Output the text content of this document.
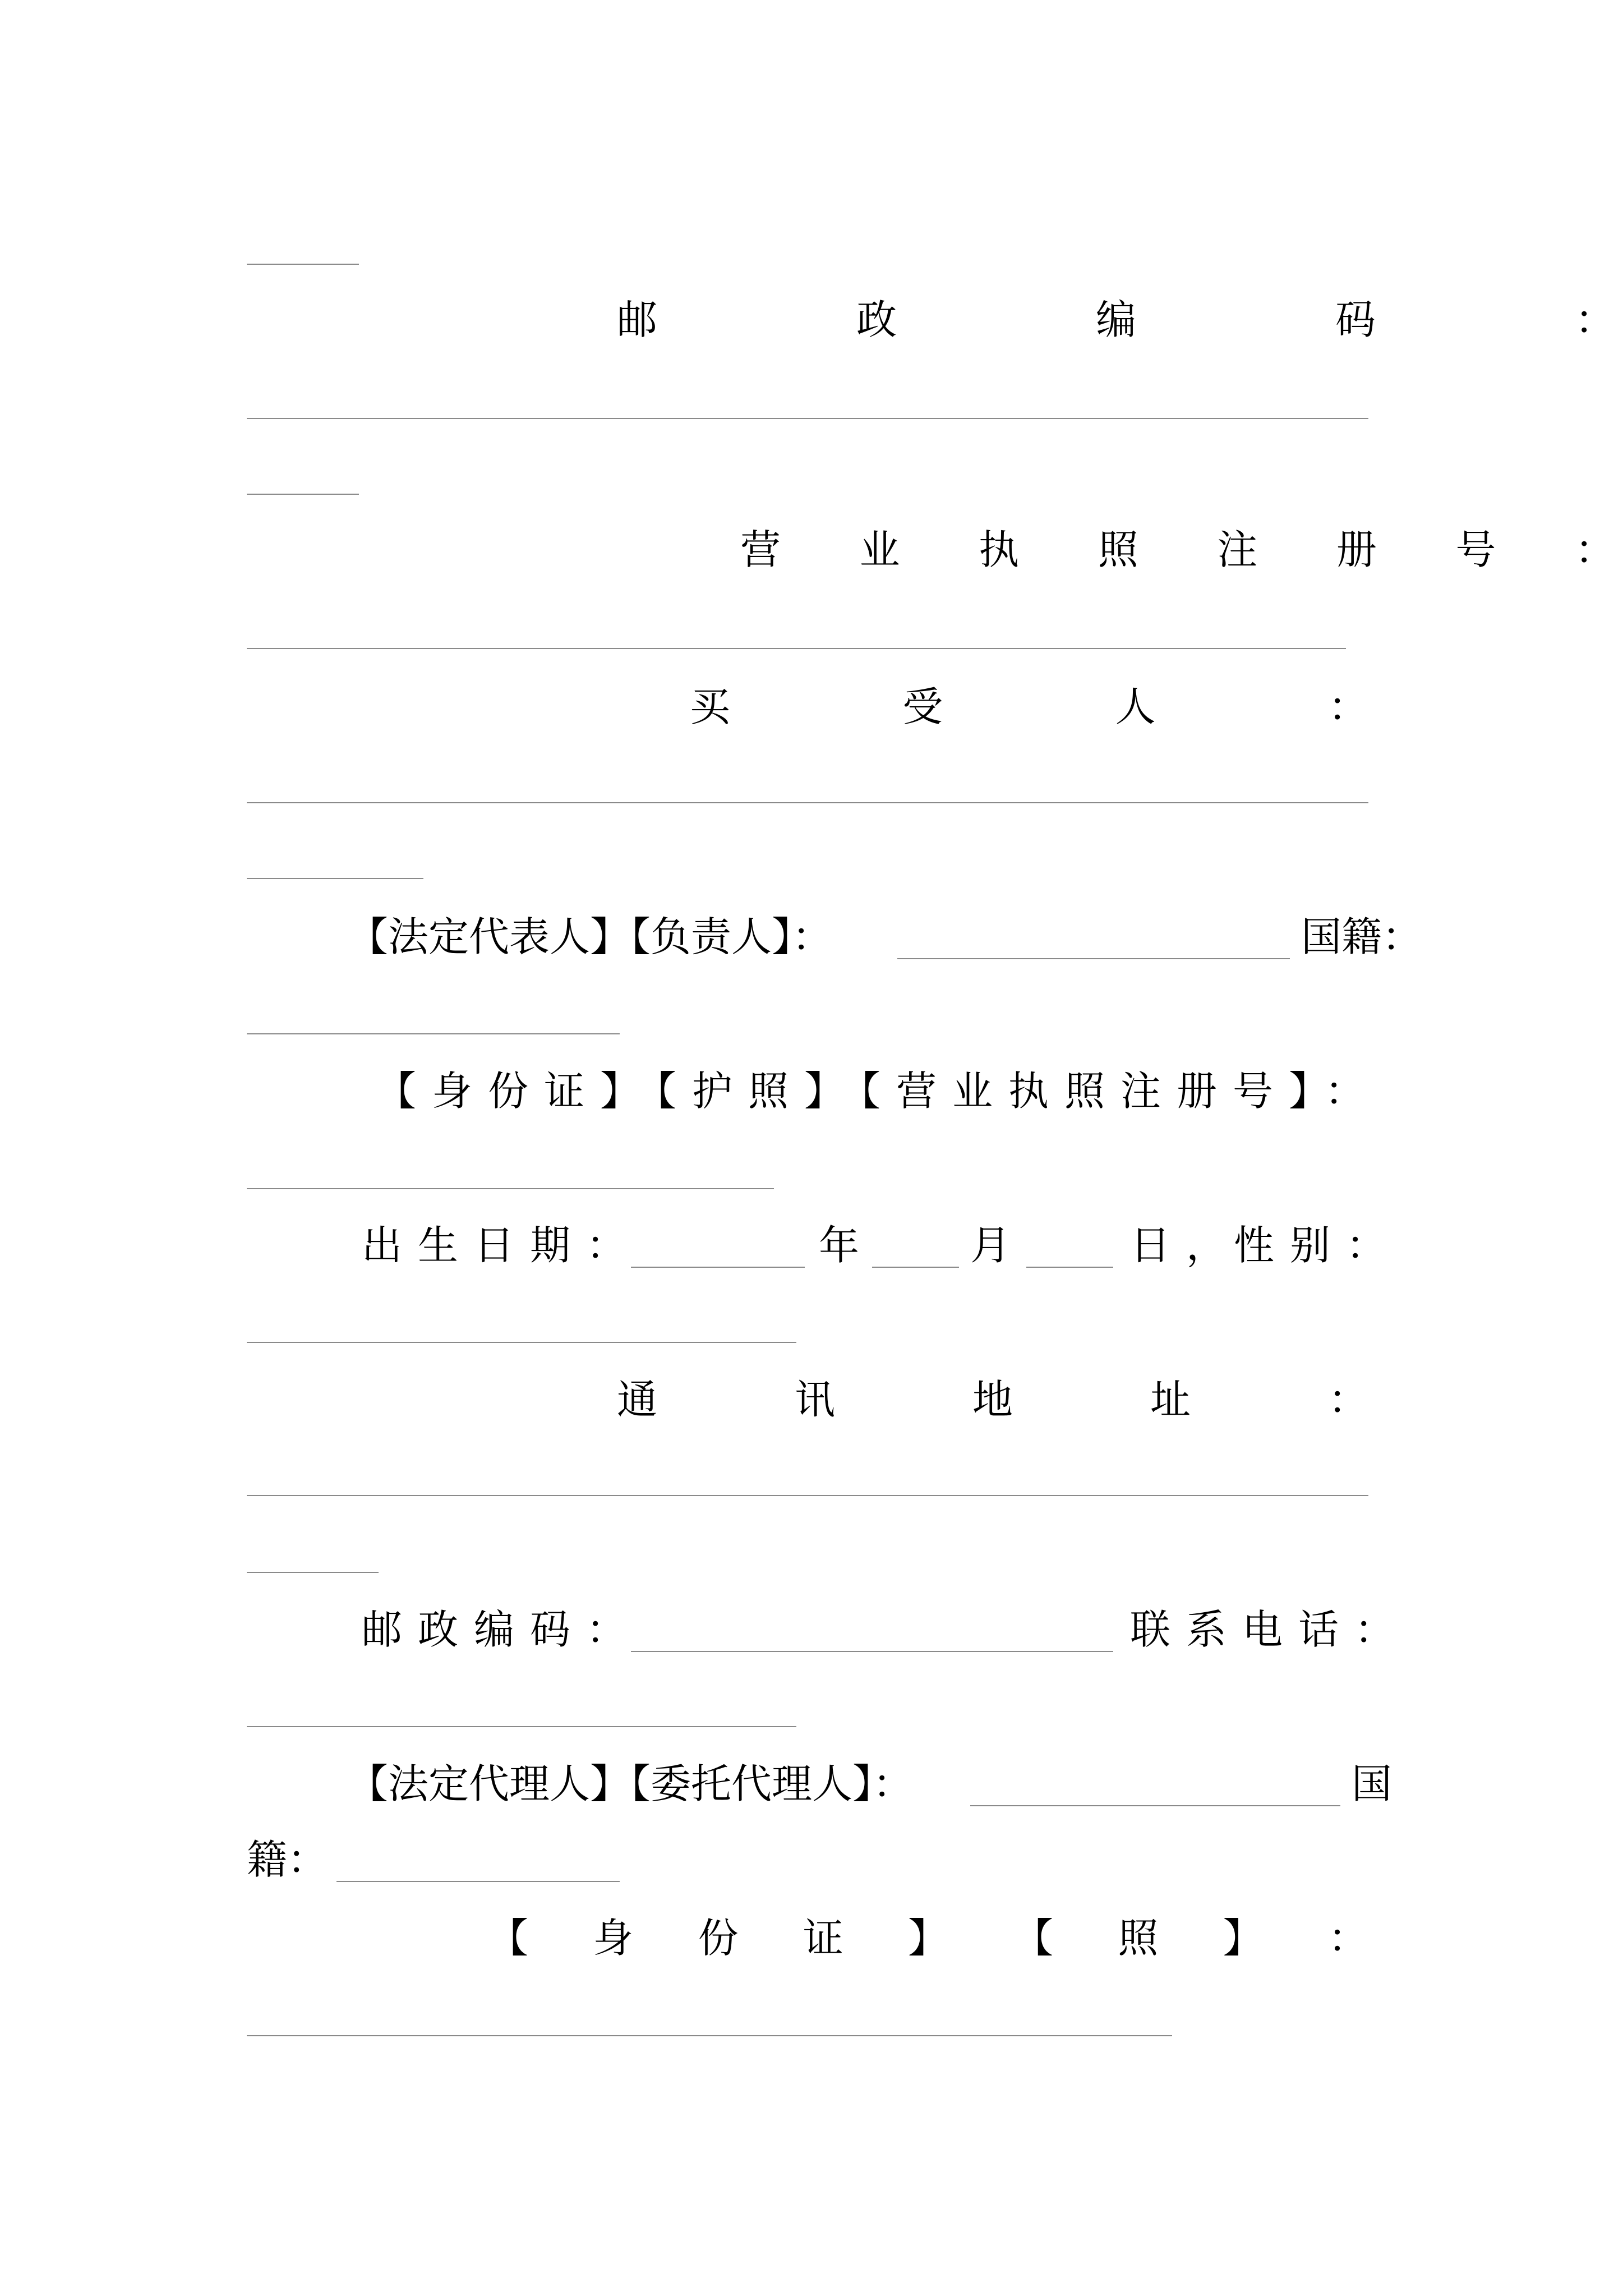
邮	政	编	码	：
营 业 执 照 注 册 号 ：
买	受	人	：
【法定代表人】【负责人】：	国籍：
【身份证】【护照】【营业执照注册号】：
出生日期：	年	月	日，
性别：
通	讯	地	址	：
邮政编码：	联系电话：
【法定代理人】【委托代理人】：	国
籍：
【 身 份 证 】 【 照 】 ：
